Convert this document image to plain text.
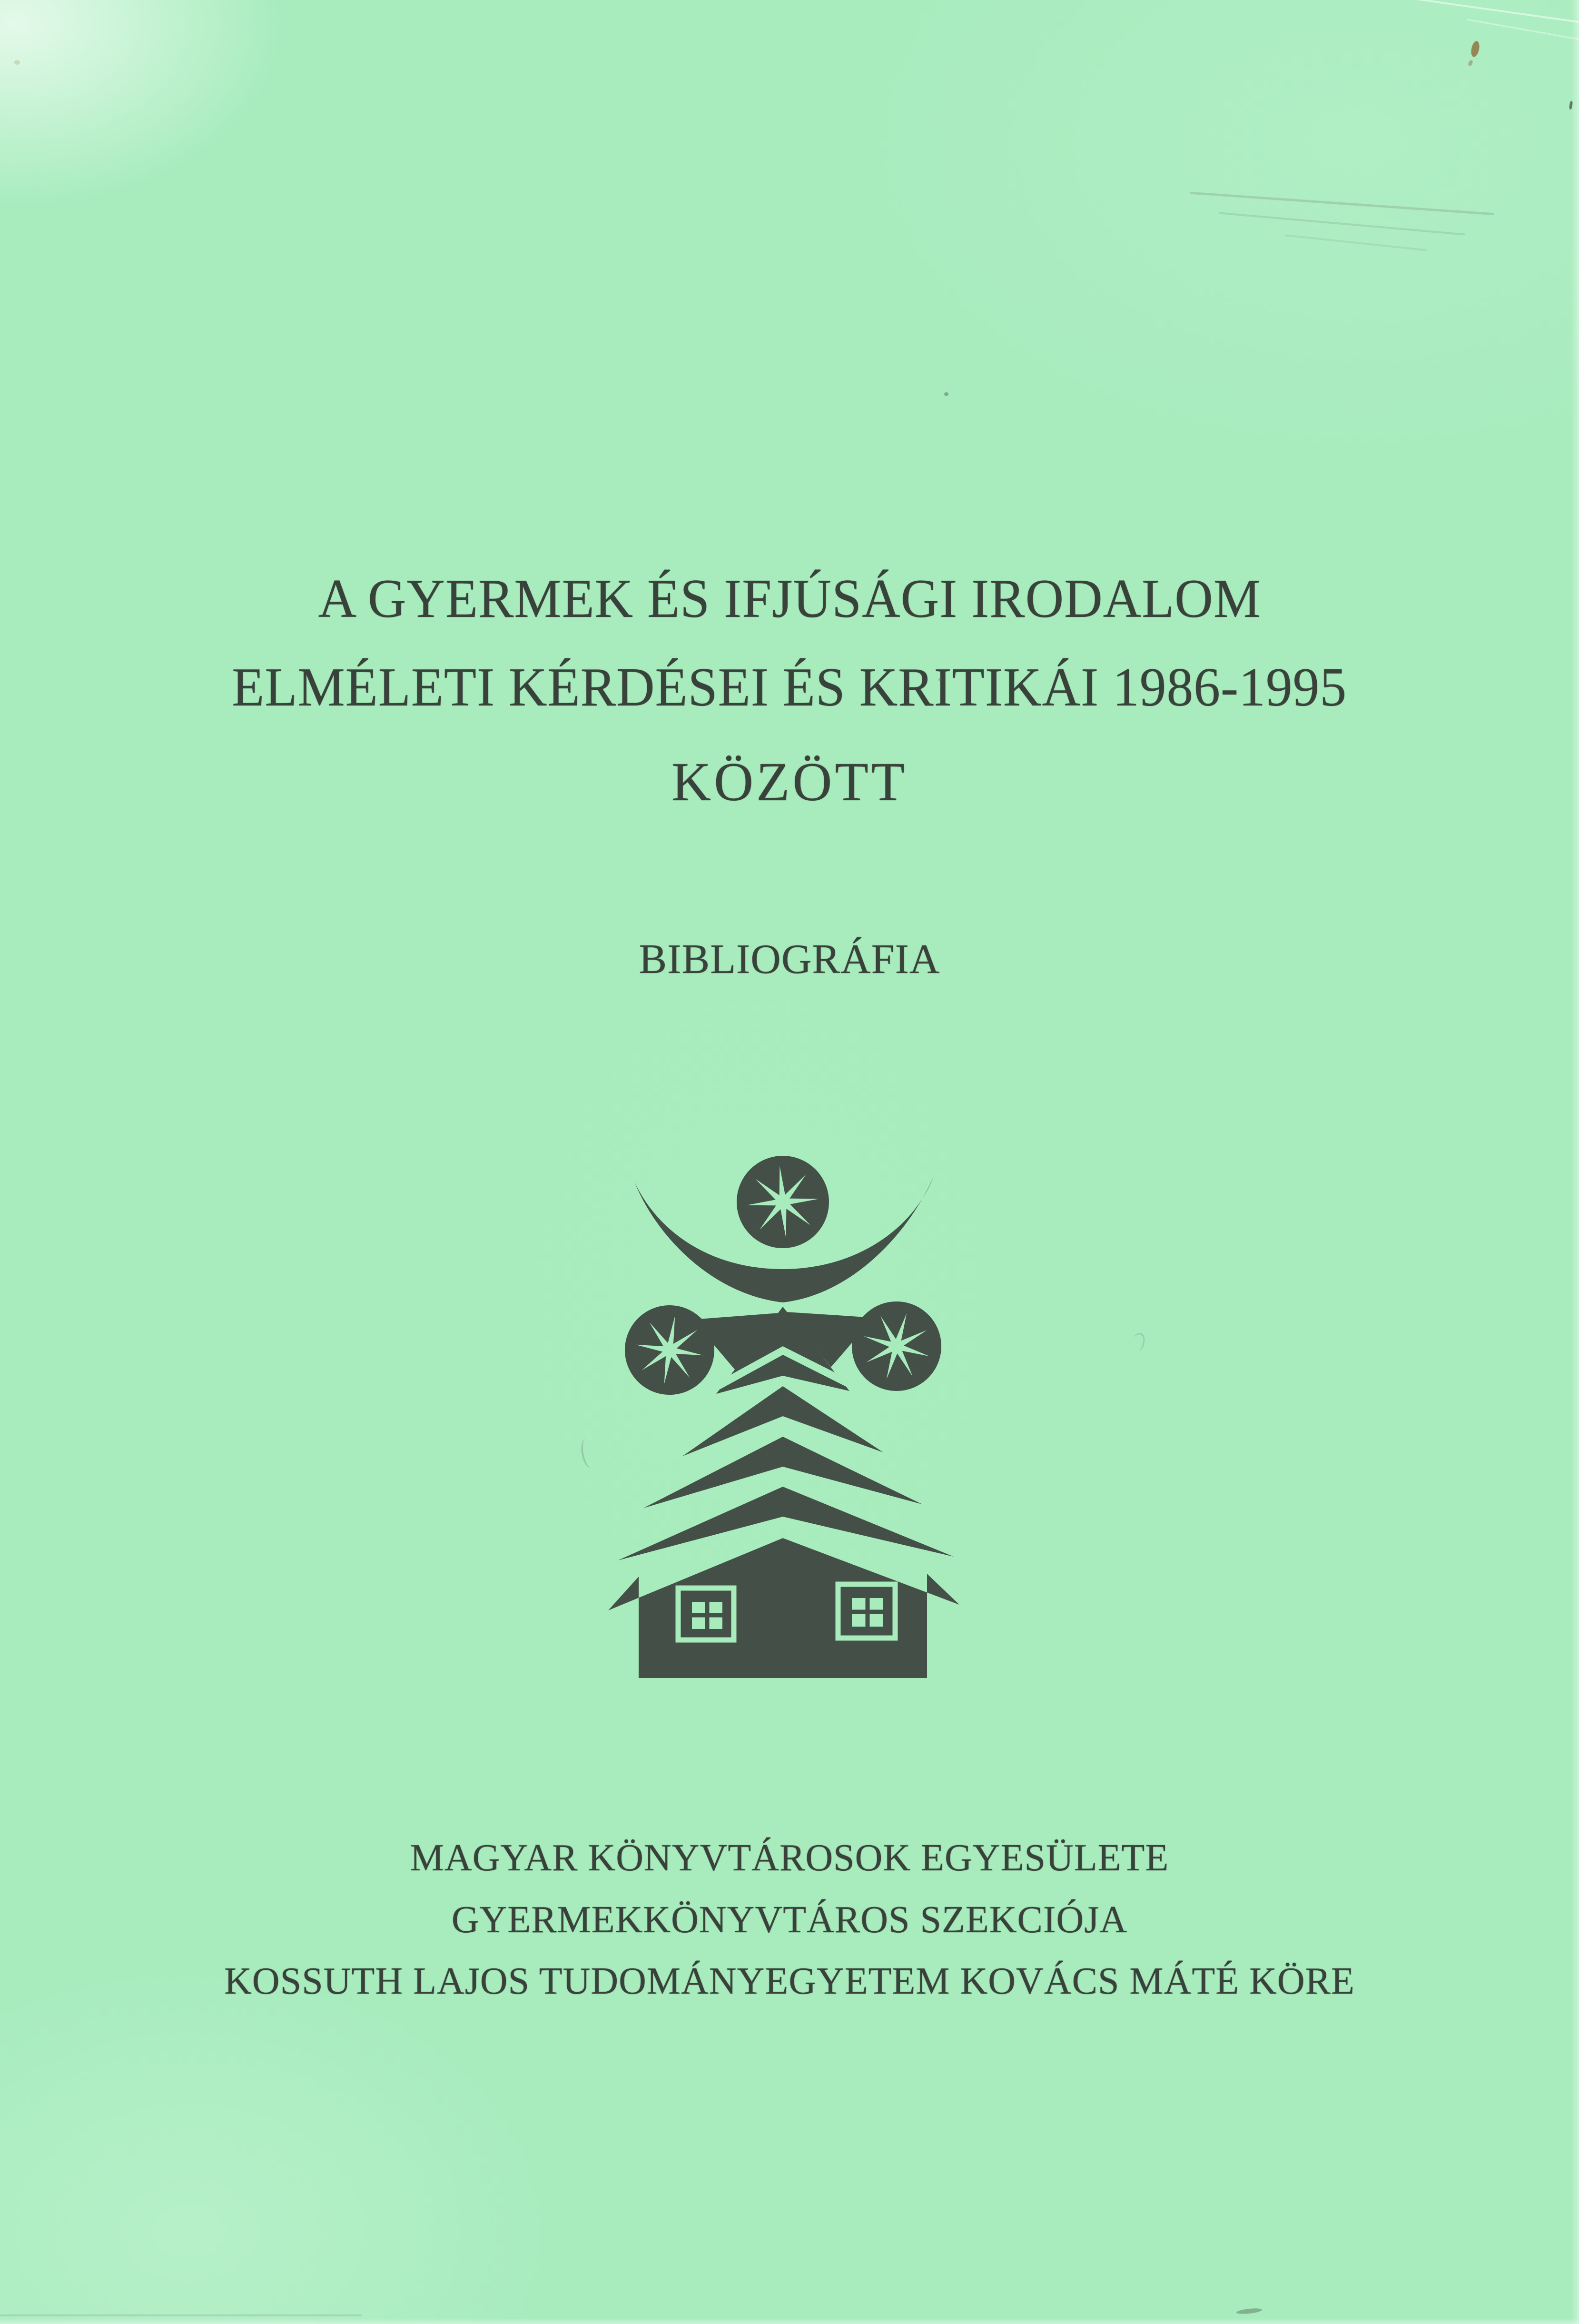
A GYERMEK ÉS IFJÚSÁGI IRODALOM
ELMÉLETI KÉRDÉSEI ÉS KRITIKÁI 1986-1995
KÖZÖTT
BIBLIOGRÁFIA
MAGYAR KÖNYVTÁROSOK EGYESÜLETE
GYERMEKKÖNYVTÁROS SZEKCIÓJA
KOSSUTH LAJOS TUDOMÁNYEGYETEM KOVÁCS MÁTÉ KÖRE
